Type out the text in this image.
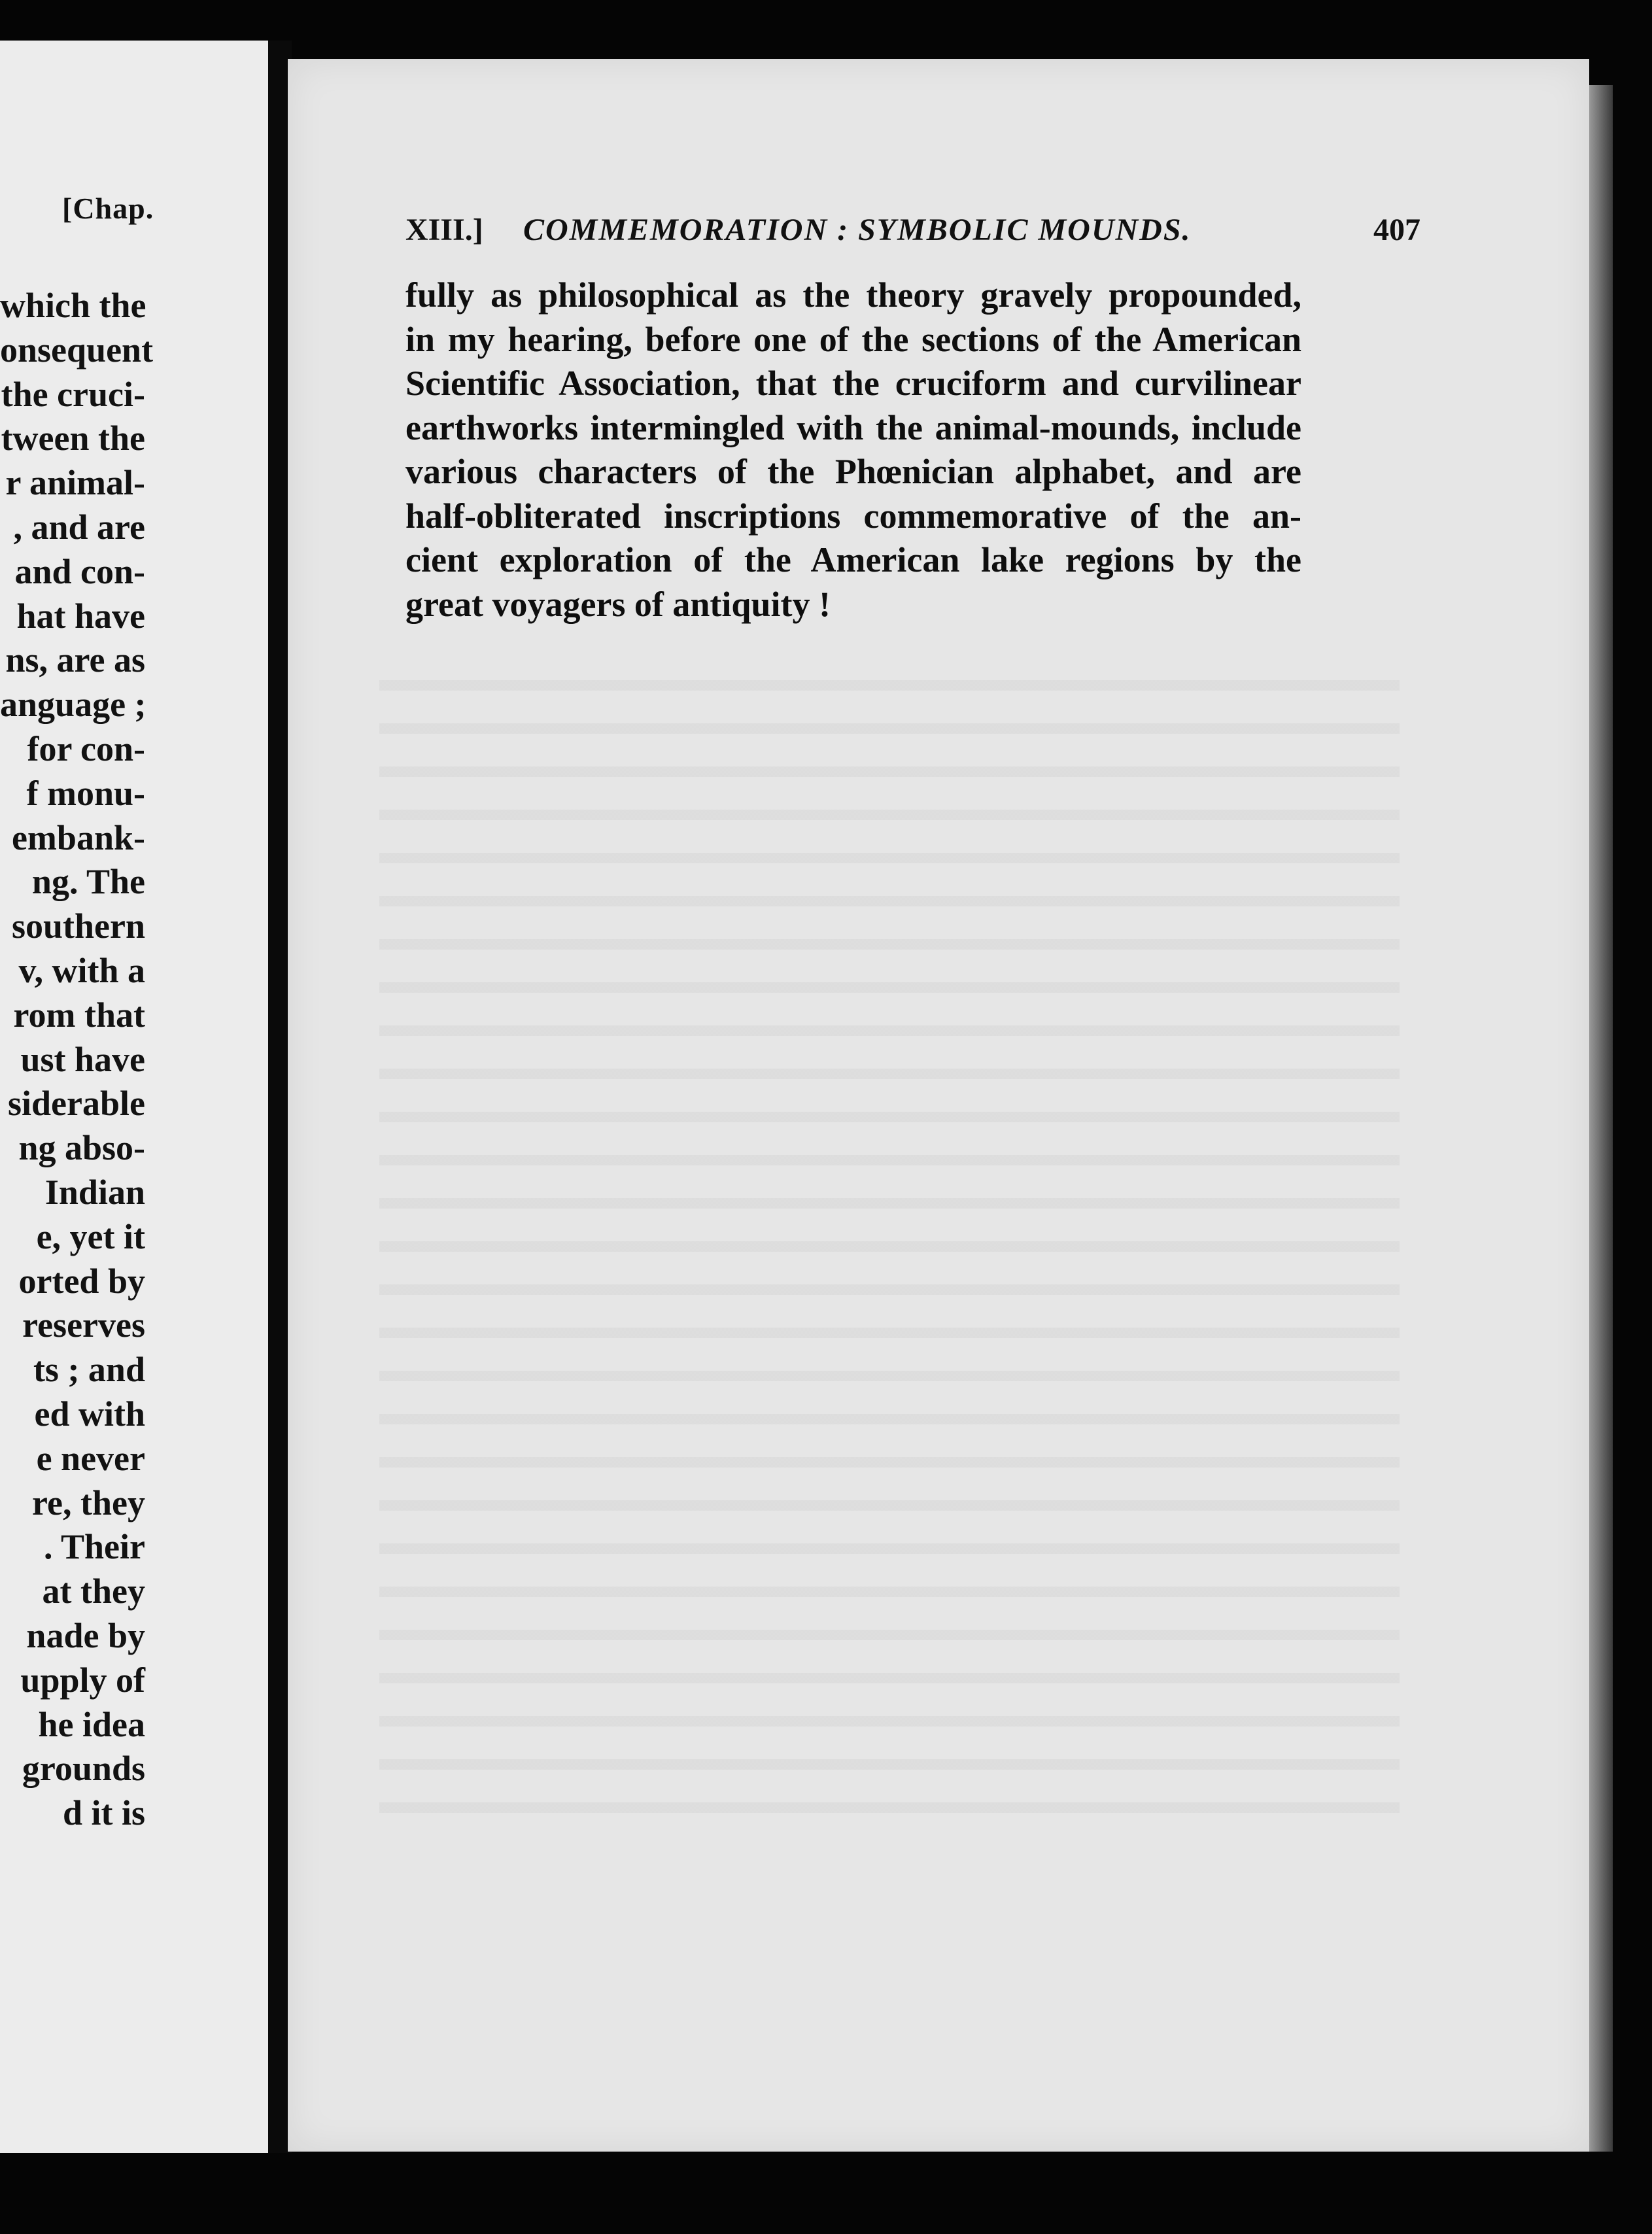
[Chap.
which the
onsequent
the cruci-
tween the
r animal-
, and are
and con-
hat have
ns, are as
anguage ;
for con-
f monu-
embank-
ng. The
southern
v, with a
rom that
ust have
siderable
ng abso-
Indian
e, yet it
orted by
reserves
ts ; and
ed with
e never
re, they
. Their
at they
nade by
upply of
he idea
grounds
d it is
XIII.] COMMEMORATION : SYMBOLIC MOUNDS.	407
fully as philosophical as the theory gravely propounded,
in my hearing, before one of the sections of the American
Scientific Association, that the cruciform and curvilinear
earthworks intermingled with the animal-mounds, include
various characters of the Phœnician alphabet, and are
half-obliterated inscriptions commemorative of the an-
cient exploration of the American lake regions by the
great voyagers of antiquity !
